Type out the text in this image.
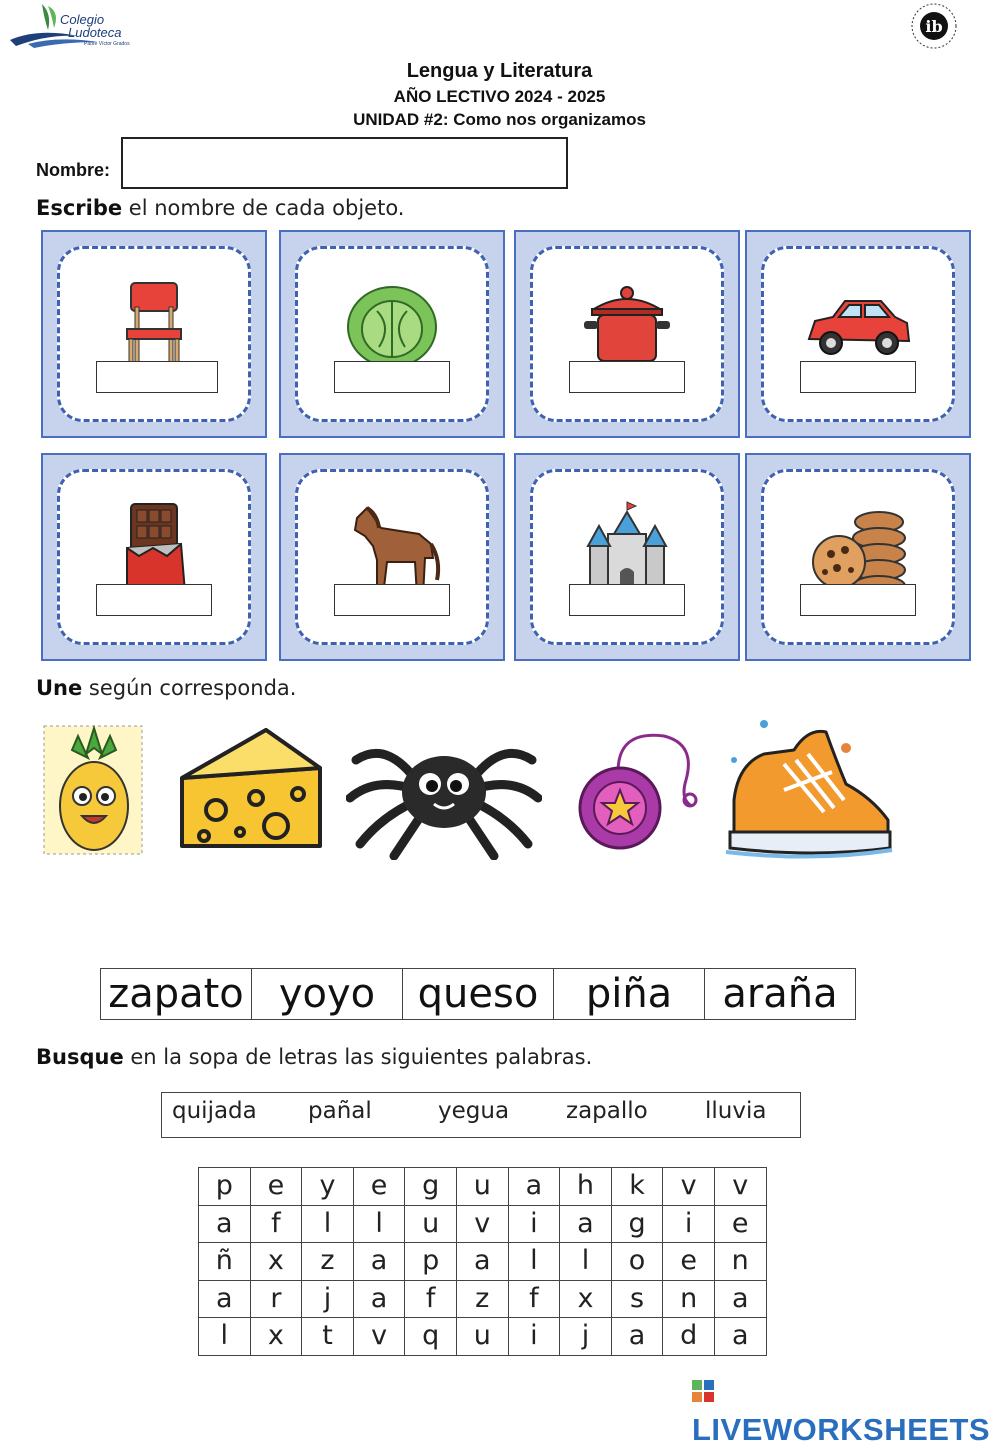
Colegio
Ludoteca
Padre Víctor Grados
ib
Lengua y Literatura
AÑO LECTIVO 2024 - 2025
UNIDAD #2: Como nos organizamos
Nombre:
Escribe el nombre de cada objeto.
Une según corresponda.
zapato	yoyo	queso	piña	araña
Busque en la sopa de letras las siguientes palabras.
quijada pañal	yegua zapallo lluvia
p	e	y	e	g	u	a	h	k	v	v
a	f	l	l	u	v	i	a	g	i	e
ñ	x	z	a	p	a	l	l	o	e	n
a	r	j	a	f	z	f	x	s	n	a
l	x	t	v	q	u	i	j	a	d	a
LIVEWORKSHEETS
